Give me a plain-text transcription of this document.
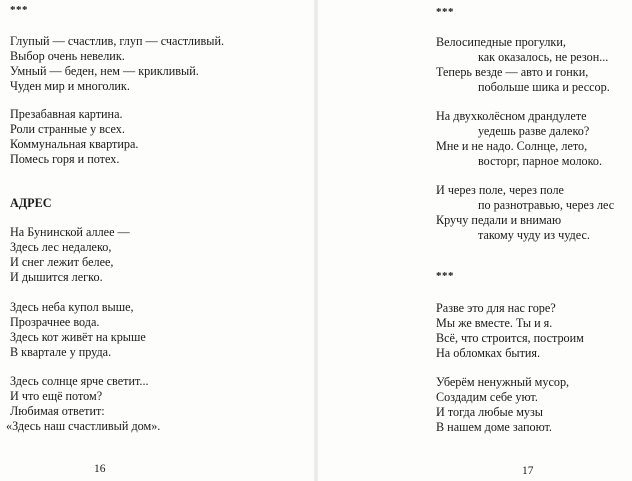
***
Глупый — счастлив, глуп — счастливый.
Выбор очень невелик.
Умный — беден, нем — крикливый.
Чуден мир и многолик.
Презабавная картина.
Роли странные у всех.
Коммунальная квартира.
Помесь горя и потех.
АДРЕС
На Бунинской аллее —
Здесь лес недалеко,
И снег лежит белее,
И дышится легко.
Здесь неба купол выше,
Прозрачнее вода.
Здесь кот живёт на крыше
В квартале у пруда.
Здесь солнце ярче светит...
И что ещё потом?
Любимая ответит:
«Здесь наш счастливый дом».
16
***
Велосипедные прогулки,
как оказалось, не резон...
Теперь везде — авто и гонки,
побольше шика и рессор.
На двухколёсном драндулете
уедешь разве далеко?
Мне и не надо. Солнце, лето,
восторг, парное молоко.
И через поле, через поле
по разнотравью, через лес
Кручу педали и внимаю
такому чуду из чудес.
***
Разве это для нас горе?
Мы же вместе. Ты и я.
Всё, что строится, построим
На обломках бытия.
Уберём ненужный мусор,
Создадим себе уют.
И тогда любые музы
В нашем доме запоют.
17
